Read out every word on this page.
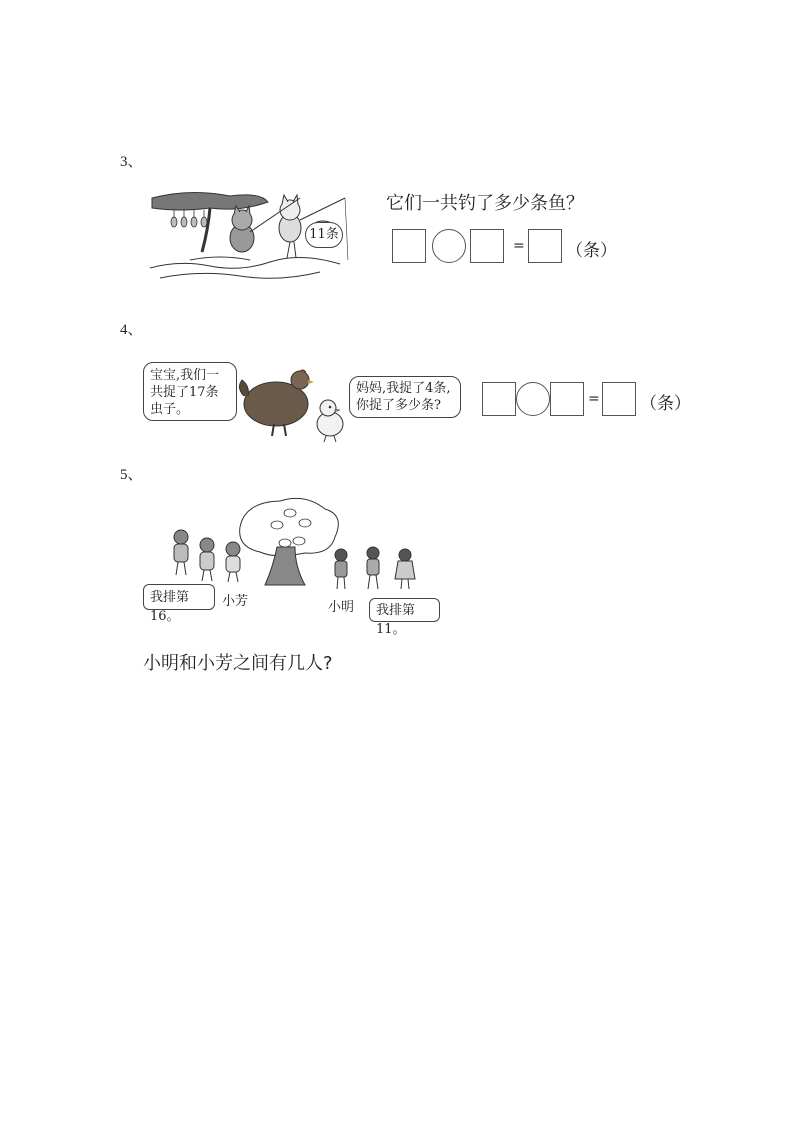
3、
11条
它们一共钓了多少条鱼？
= （条）
4、
宝宝,我们一共捉了17条虫子。
妈妈,我捉了4条,你捉了多少条?	= （条）
5、
我排第16。
小芳	小明	我排第11。
小明和小芳之间有几人?
